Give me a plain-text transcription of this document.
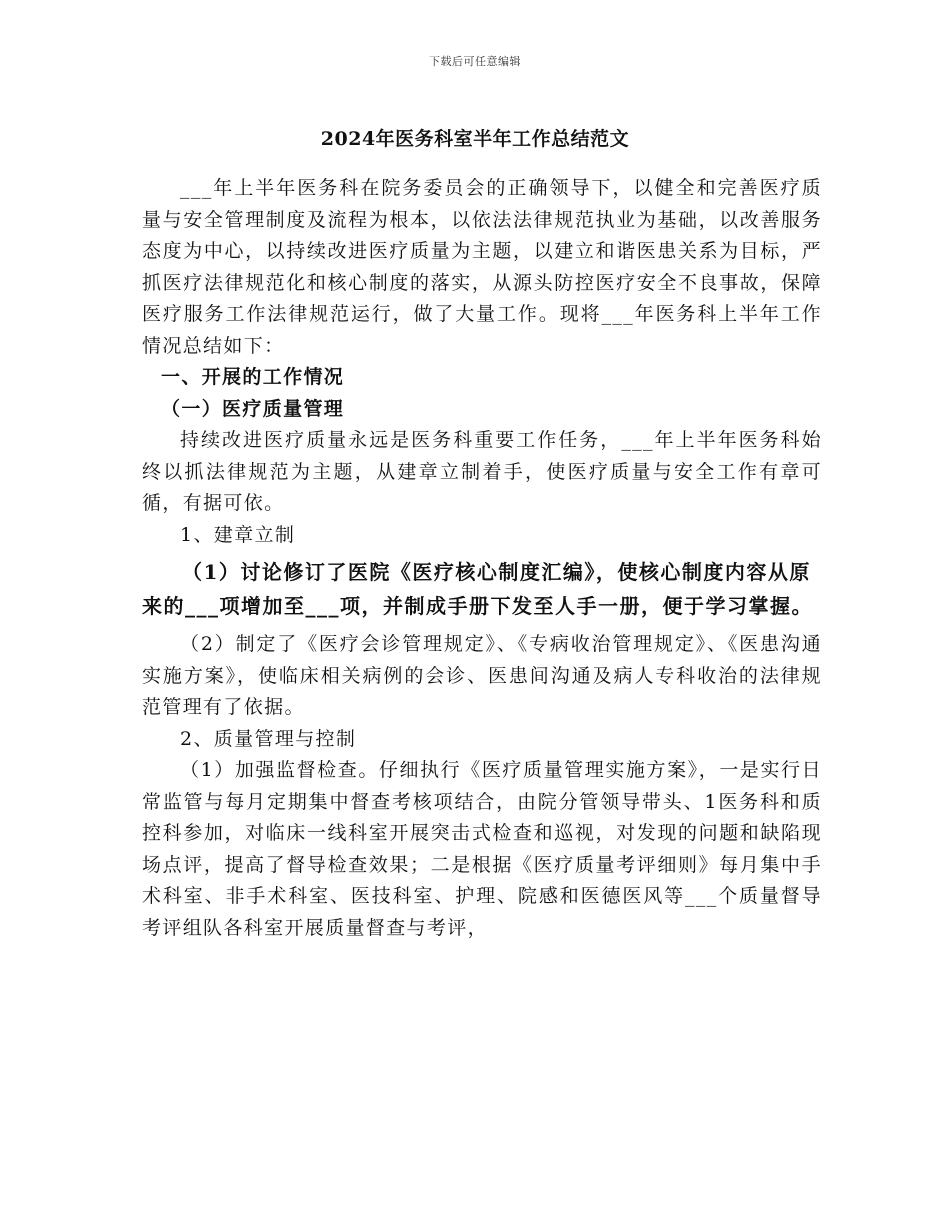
下载后可任意编辑
2024年医务科室半年工作总结范文

___年上半年医务科在院务委员会的正确领导下，以健全和完善医疗质量与安全管理制度及流程为根本，以依法法律规范执业为基础，以改善服务态度为中心，以持续改进医疗质量为主题，以建立和谐医患关系为目标，严抓医疗法律规范化和核心制度的落实，从源头防控医疗安全不良事故，保障医疗服务工作法律规范运行，做了大量工作。现将___年医务科上半年工作情况总结如下：

一、开展的工作情况

（一）医疗质量管理

持续改进医疗质量永远是医务科重要工作任务，___年上半年医务科始终以抓法律规范为主题，从建章立制着手，使医疗质量与安全工作有章可循，有据可依。

1、建章立制

（1）讨论修订了医院《医疗核心制度汇编》，使核心制度内容从原来的___项增加至___项，并制成手册下发至人手一册，便于学习掌握。

（2）制定了《医疗会诊管理规定》、《专病收治管理规定》、《医患沟通实施方案》，使临床相关病例的会诊、医患间沟通及病人专科收治的法律规范管理有了依据。

2、质量管理与控制

（1）加强监督检查。仔细执行《医疗质量管理实施方案》，一是实行日常监管与每月定期集中督查考核项结合，由院分管领导带头、1医务科和质控科参加，对临床一线科室开展突击式检查和巡视，对发现的问题和缺陷现场点评，提高了督导检查效果；二是根据《医疗质量考评细则》每月集中手术科室、非手术科室、医技科室、护理、院感和医德医风等___个质量督导考评组队各科室开展质量督查与考评，
